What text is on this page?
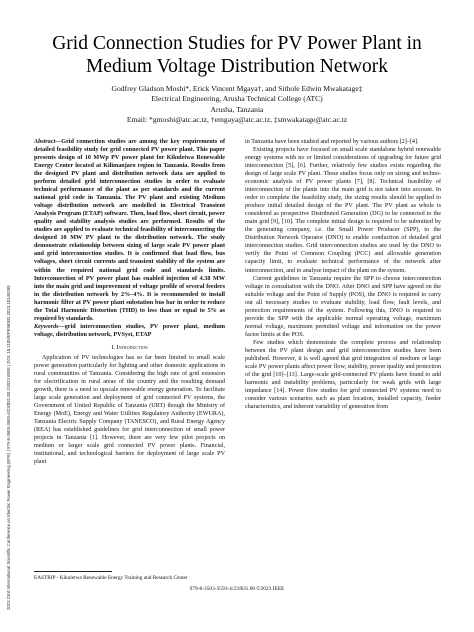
2023 23rd International Scientific Conference on Electric Power Engineering (EPE) | 979-8-3503-3593-4/23/$31.00 ©2023 IEEE | DOI: 10.1109/EPE58302.2023.10149289
Grid Connection Studies for PV Power Plant in
Medium Voltage Distribution Network
Godfrey Gladson Moshi*, Erick Vincent Mgaya†, and Sithole Edwin Mwakatage‡
Electrical Engineering, Arusha Technical College (ATC)
Arusha, Tanzania
Email: *gmoshi@atc.ac.tz, †emgaya@atc.ac.tz, ‡smwakatage@atc.ac.tz

Abstract—Grid connection studies are among the key requirements of detailed feasibility study for grid connected PV power plant. This paper presents design of 10 MWp PV power plant for Kikuletwa Renewable Energy Center located at Kilimanjaro region in Tanzania. Results from the designed PV plant and distribution network data are applied to perform detailed grid interconnection studies in order to evaluate technical performance of the plant as per standards and the current national grid code in Tanzania. The PV plant and existing Medium voltage distribution network are modelled in Electrical Transient Analysis Program (ETAP) software. Then, load flow, short circuit, power quality and stability analysis studies are performed. Results of the studies are applied to evaluate technical feasibility of interconnecting the designed 10 MW PV plant to the distribution network. The study demonstrate relationship between sizing of large scale PV power plant and grid interconnection studies. It is confirmed that load flow, bus voltages, short circuit currents and transient stability of the system are within the required national grid code and standards limits. Interconnection of PV power plant has enabled injection of 4.38 MW into the main grid and improvement of voltage profile of several feeders in the distribution network by 2%–4%. It is recommended to install harmonic filter at PV power plant substation bus bar in order to reduce the Total Harmonic Distortion (THD) to less than or equal to 5% as required by standards.

Keywords—grid interconnection studies, PV power plant, medium voltage, distribution network, PVSyst, ETAP

I. Introduction

Application of PV technologies has so far been limited to small scale power generation particularly for lighting and other domestic applications in rural communities of Tanzania. Considering the high rate of grid extension for electrification in rural areas of the country and the resulting demand growth, there is a need to upscale renewable energy generation. To facilitate large scale generation and deployment of grid connected PV systems, the Government of United Republic of Tanzania (URT) though the Ministry of Energy (MoE), Energy and Water Utilities Regulatory Authority (EWURA), Tanzania Electric Supply Company (TANESCO), and Rural Energy Agency (REA) has established guidelines for grid interconnection of small power projects in Tanzania [1]. However, there are very few pilot projects on medium or larger scale grid connected PV power plants. Financial, institutional, and technological barriers for deployment of large scale PV plant

in Tanzania have been studied and reported by various authors [2]–[4].

Existing projects have focused on small scale standalone hybrid renewable energy systems with no or limited considerations of upgrading for future grid interconnection [5], [6]. Further, relatively few studies exists regarding the design of large scale PV plant. These studies focus only on sizing and techno-economic analysis of PV power plants [7], [8]. Technical feasibility of interconnection of the plants into the main grid is not taken into account. In order to complete the feasibility study, the sizing results should be applied to produce initial detailed design of the PV plant. The PV plant as whole is considered as prospective Distributed Generation (DG) to be connected to the main grid [9], [10]. The complete initial design is required to be submitted by the generating company, i.e. the Small Power Producer (SPP), to the Distribution Network Operator (DNO) to enable conduction of detailed grid interconnection studies. Grid interconnection studies are used by the DNO to verify the Point of Common Coupling (PCC) and allowable generation capacity limit, to evaluate technical performance of the network after interconnection, and to analyse impact of the plant on the system.

Current guidelines in Tanzania require the SPP to choose interconnection voltage in consultation with the DNO. After DNO and SPP have agreed on the suitable voltage and the Point of Supply (POS), the DNO is required to carry out all necessary studies to evaluate stability, load flow, fault levels, and protection requirements of the system. Following this, DNO is required to provide the SPP with the applicable normal operating voltage, maximum normal voltage, maximum permitted voltage and information on the power factor limits at the POS.

Few studies which demonstrate the complete process and relationship between the PV plant design and grid interconnection studies have been published. However, it is well agreed that grid integration of medium or large scale PV power plants affect power flow, stability, power quality and protection of the grid [10]–[13]. Large-scale grid-connected PV plants have found to add harmonic and instability problems, particularly for weak grids with large impedance [14]. Power flow studies for grid connected PV systems need to consider various scenarios such as plant location, installed capacity, feeder characteristics, and inherent variability of generation from

EASTRIP - Kikuletwa Renewable Energy Training and Research Center
979-8-3503-3593-4/23/$31.00 ©2023 IEEE
